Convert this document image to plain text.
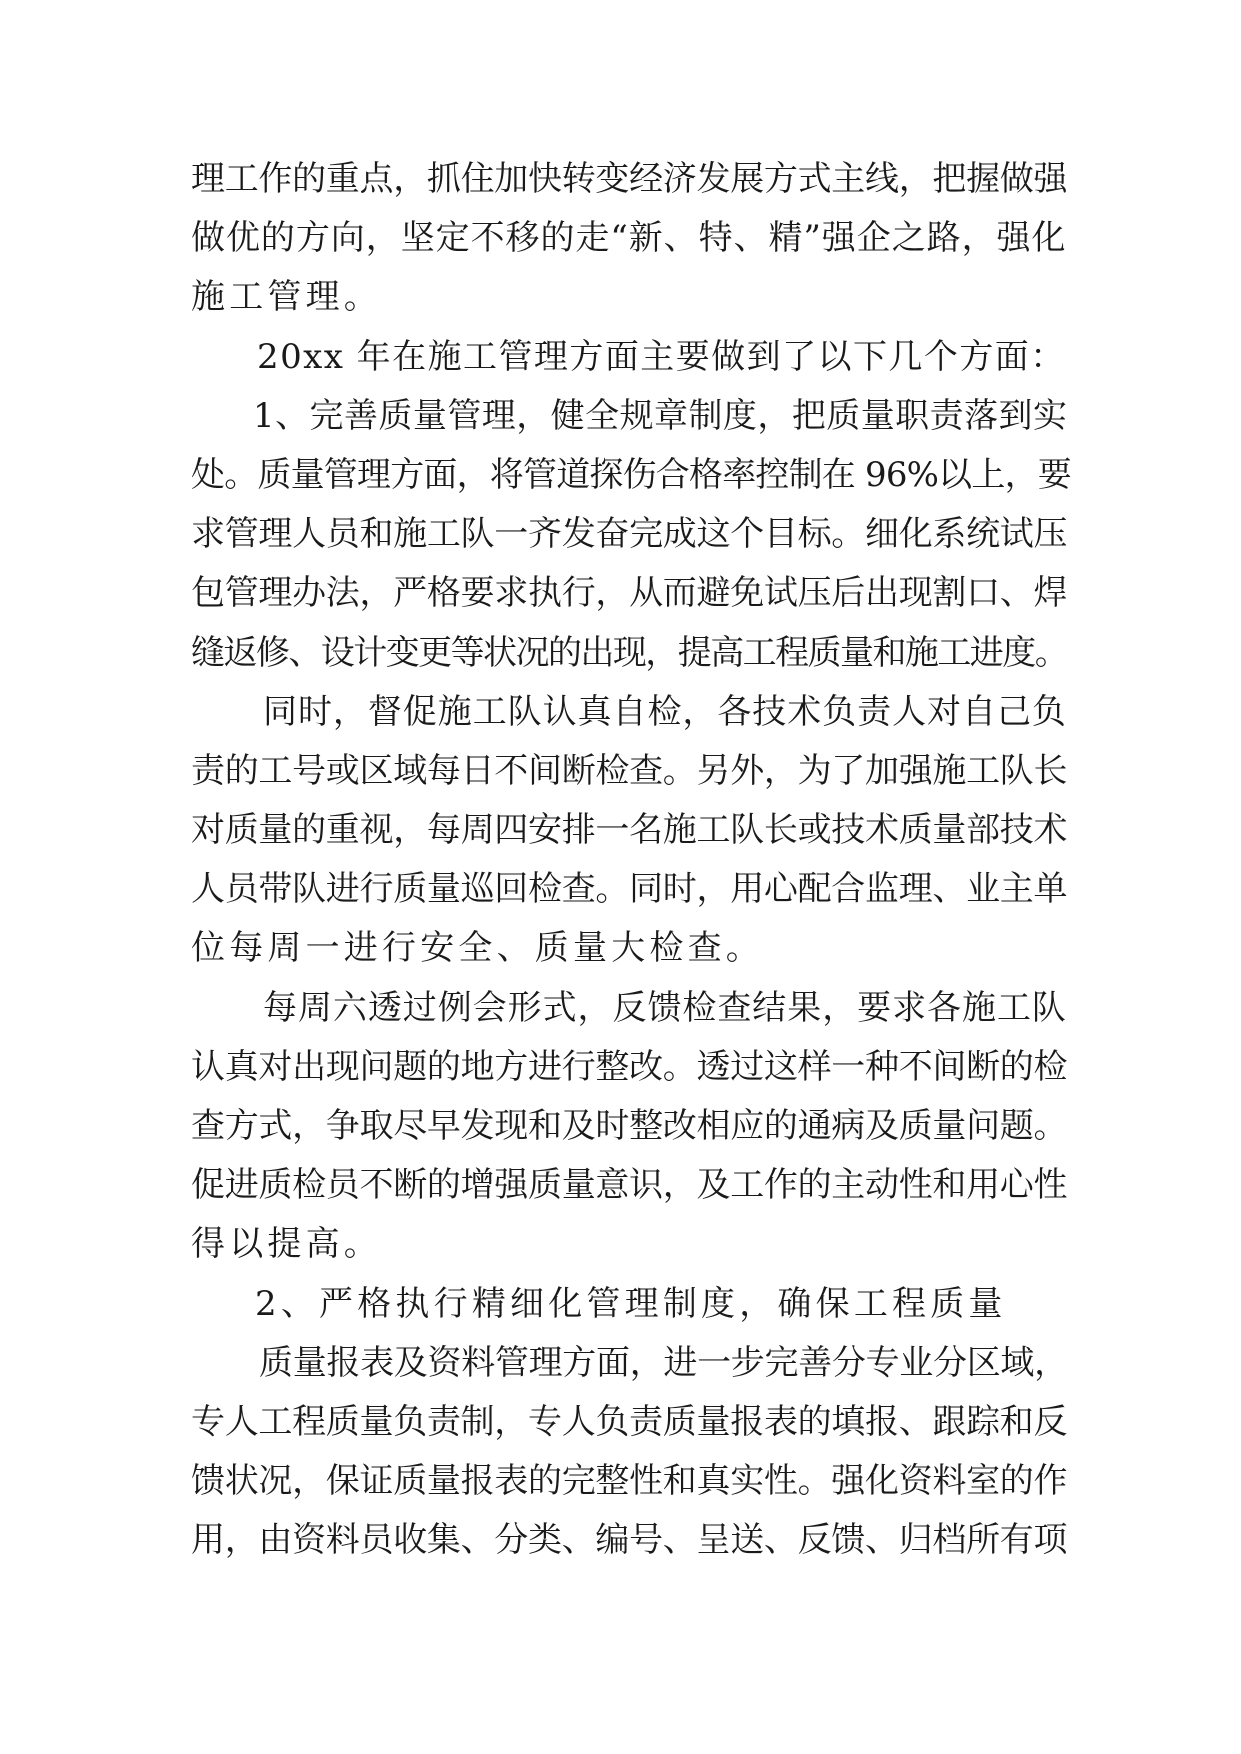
理工作的重点，抓住加快转变经济发展方式主线，把握做强
做优的方向，坚定不移的走“新、特、精”强企之路，强化
施工管理。
20xx 年在施工管理方面主要做到了以下几个方面：
1、完善质量管理，健全规章制度，把质量职责落到实
处。质量管理方面，将管道探伤合格率控制在 96%以上，要
求管理人员和施工队一齐发奋完成这个目标。细化系统试压
包管理办法，严格要求执行，从而避免试压后出现割口、焊
缝返修、设计变更等状况的出现，提高工程质量和施工进度。
同时，督促施工队认真自检，各技术负责人对自己负
责的工号或区域每日不间断检查。另外，为了加强施工队长
对质量的重视，每周四安排一名施工队长或技术质量部技术
人员带队进行质量巡回检查。同时，用心配合监理、业主单
位每周一进行安全、质量大检查。
每周六透过例会形式，反馈检查结果，要求各施工队
认真对出现问题的地方进行整改。透过这样一种不间断的检
查方式，争取尽早发现和及时整改相应的通病及质量问题。
促进质检员不断的增强质量意识，及工作的主动性和用心性
得以提高。
2、严格执行精细化管理制度，确保工程质量
质量报表及资料管理方面，进一步完善分专业分区域，
专人工程质量负责制，专人负责质量报表的填报、跟踪和反
馈状况，保证质量报表的完整性和真实性。强化资料室的作
用，由资料员收集、分类、编号、呈送、反馈、归档所有项
